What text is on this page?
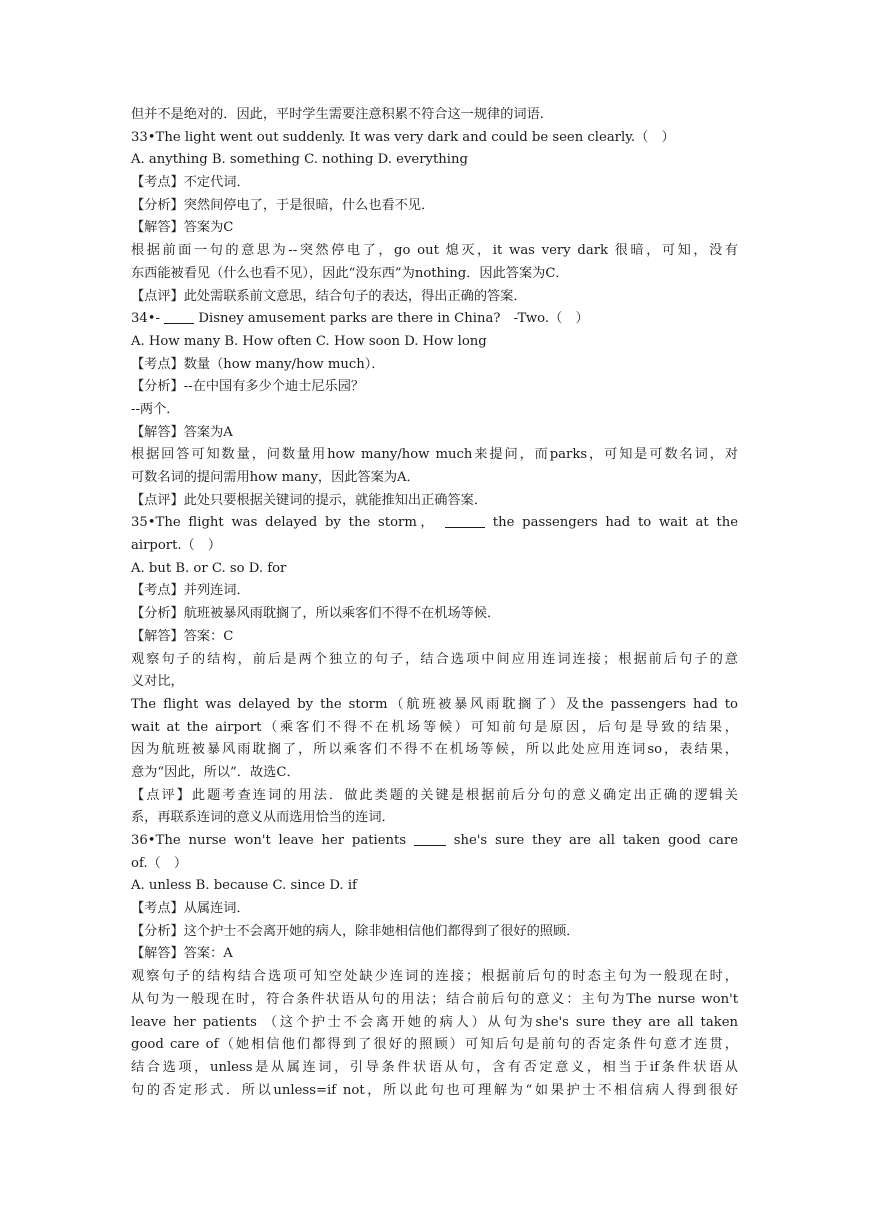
但并不是绝对的．因此，平时学生需要注意积累不符合这一规律的词语．
33•The light went out suddenly. It was very dark and could be seen clearly.（　）
A. anything B. something C. nothing D. everything
【考点】不定代词．
【分析】突然间停电了，于是很暗，什么也看不见．
【解答】答案为C
根据前面一句的意思为--突然停电了，go out 熄灭，it was very dark 很暗，可知，没有
东西能被看见（什么也看不见），因此“没东西”为nothing．因此答案为C．
【点评】此处需联系前文意思，结合句子的表达，得出正确的答案．
34•-  Disney amusement parks are there in China?　-Two.（　）
A. How many B. How often C. How soon D. How long
【考点】数量（how many/how much）．
【分析】--在中国有多少个迪士尼乐园？
--两个．
【解答】答案为A
根据回答可知数量，问数量用how many/how much来提问，而parks，可知是可数名词，对
可数名词的提问需用how many，因此答案为A．
【点评】此处只要根据关键词的提示，就能推知出正确答案．
35•The flight was delayed by the storm，	the passengers had to wait at the
airport.（　）
A. but B. or C. so D. for
【考点】并列连词．
【分析】航班被暴风雨耽搁了，所以乘客们不得不在机场等候．
【解答】答案：C
观察句子的结构，前后是两个独立的句子，结合选项中间应用连词连接；根据前后句子的意
义对比，
The flight was delayed by the storm（航班被暴风雨耽搁了）及the passengers had to
wait at the airport（乘客们不得不在机场等候）可知前句是原因，后句是导致的结果，
因为航班被暴风雨耽搁了，所以乘客们不得不在机场等候，所以此处应用连词so，表结果，
意为“因此，所以”．故选C．
【点评】此题考查连词的用法．做此类题的关键是根据前后分句的意义确定出正确的逻辑关
系，再联系连词的意义从而选用恰当的连词．
36•The nurse won't leave her patients  she's sure they are all taken good care
of.（　）
A. unless B. because C. since D. if
【考点】从属连词．
【分析】这个护士不会离开她的病人，除非她相信他们都得到了很好的照顾．
【解答】答案：A
观察句子的结构结合选项可知空处缺少连词的连接；根据前后句的时态主句为一般现在时，
从句为一般现在时，符合条件状语从句的用法；结合前后句的意义：主句为The nurse won't
leave her patients （这个护士不会离开她的病人）从句为she's sure they are all taken
good care of（她相信他们都得到了很好的照顾）可知后句是前句的否定条件句意才连贯，
结合选项，unless是从属连词，引导条件状语从句，含有否定意义，相当于if条件状语从
句的否定形式．所以unless=if not，所以此句也可理解为“如果护士不相信病人得到很好
